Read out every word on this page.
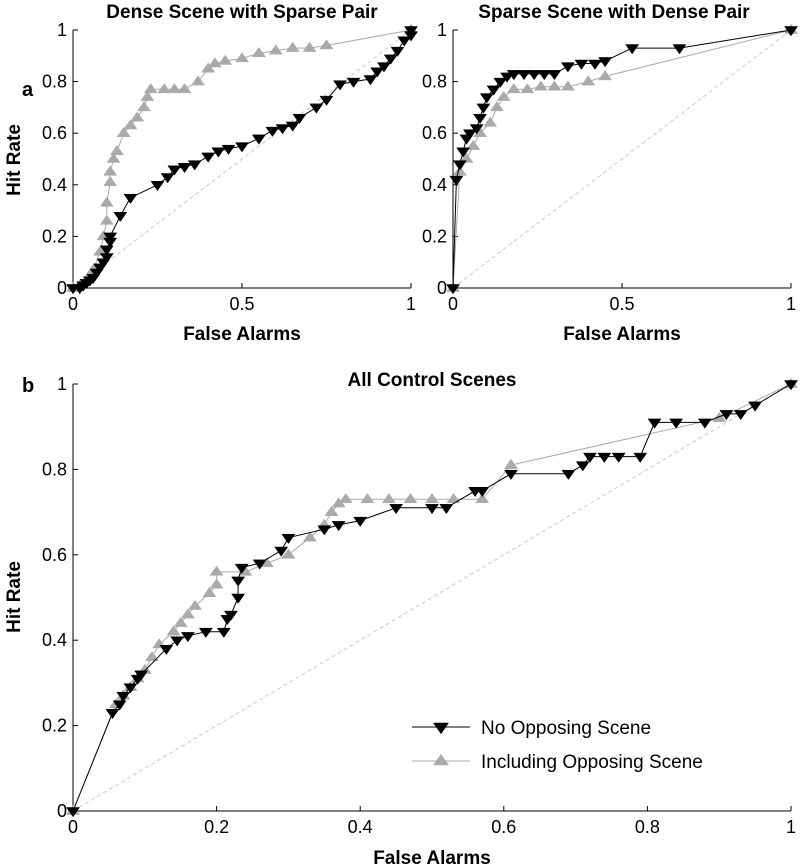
0	0.5	1
0
0.2
0.4
0.6
0.8
1
Dense Scene with Sparse Pair
False Alarms
Hit Rate
a
0	0.5	1
0
0.2
0.4
0.6
0.8
1
Sparse Scene with Dense Pair
False Alarms
0	0.2	0.4	0.6	0.8	1
0
0.2
0.4
0.6
0.8
1	All Control Scenes
False Alarms
Hit Rate
b
No Opposing Scene
Including Opposing Scene
